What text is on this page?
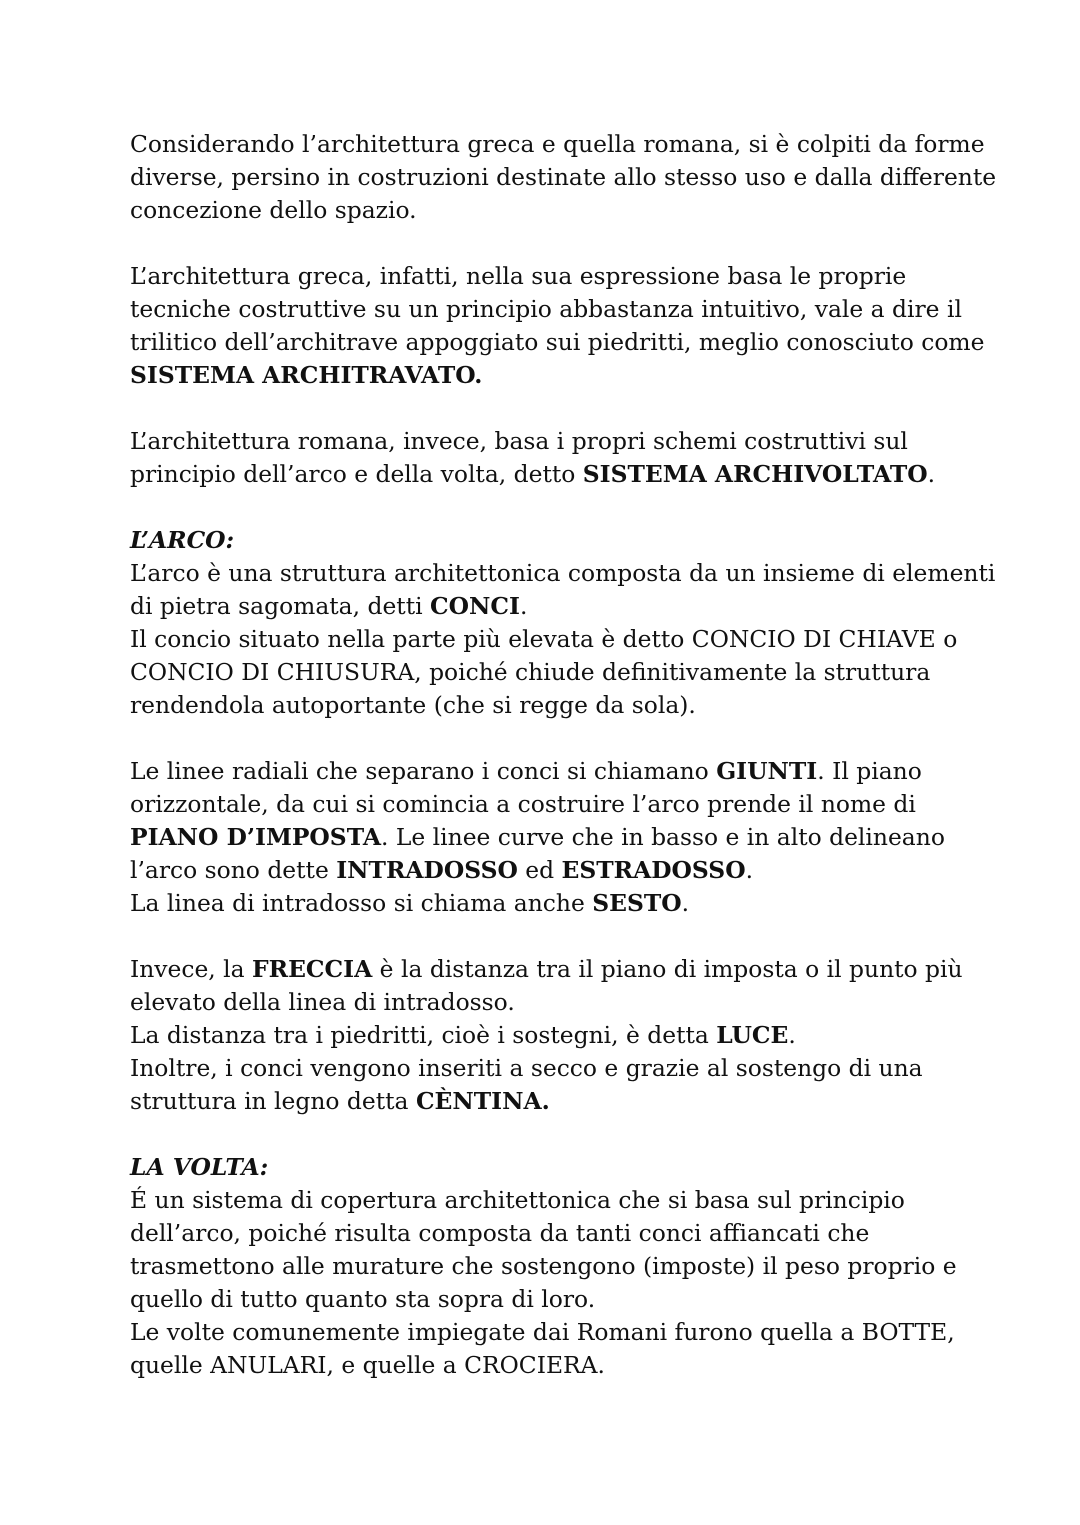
Considerando l’architettura greca e quella romana, si è colpiti da forme
diverse, persino in costruzioni destinate allo stesso uso e dalla differente
concezione dello spazio.

L’architettura greca, infatti, nella sua espressione basa le proprie
tecniche costruttive su un principio abbastanza intuitivo, vale a dire il
trilitico dell’architrave appoggiato sui piedritti, meglio conosciuto come
SISTEMA ARCHITRAVATO.

L’architettura romana, invece, basa i propri schemi costruttivi sul
principio dell’arco e della volta, detto SISTEMA ARCHIVOLTATO.

L’ARCO:
L’arco è una struttura architettonica composta da un insieme di elementi
di pietra sagomata, detti CONCI.
Il concio situato nella parte più elevata è detto CONCIO DI CHIAVE o
CONCIO DI CHIUSURA, poiché chiude definitivamente la struttura
rendendola autoportante (che si regge da sola).

Le linee radiali che separano i conci si chiamano GIUNTI. Il piano
orizzontale, da cui si comincia a costruire l’arco prende il nome di
PIANO D’IMPOSTA. Le linee curve che in basso e in alto delineano
l’arco sono dette INTRADOSSO ed ESTRADOSSO.
La linea di intradosso si chiama anche SESTO.

Invece, la FRECCIA è la distanza tra il piano di imposta o il punto più
elevato della linea di intradosso.
La distanza tra i piedritti, cioè i sostegni, è detta LUCE.
Inoltre, i conci vengono inseriti a secco e grazie al sostengo di una
struttura in legno detta CÈNTINA.

LA VOLTA:
É un sistema di copertura architettonica che si basa sul principio
dell’arco, poiché risulta composta da tanti conci affiancati che
trasmettono alle murature che sostengono (imposte) il peso proprio e
quello di tutto quanto sta sopra di loro.
Le volte comunemente impiegate dai Romani furono quella a BOTTE,
quelle ANULARI, e quelle a CROCIERA.
